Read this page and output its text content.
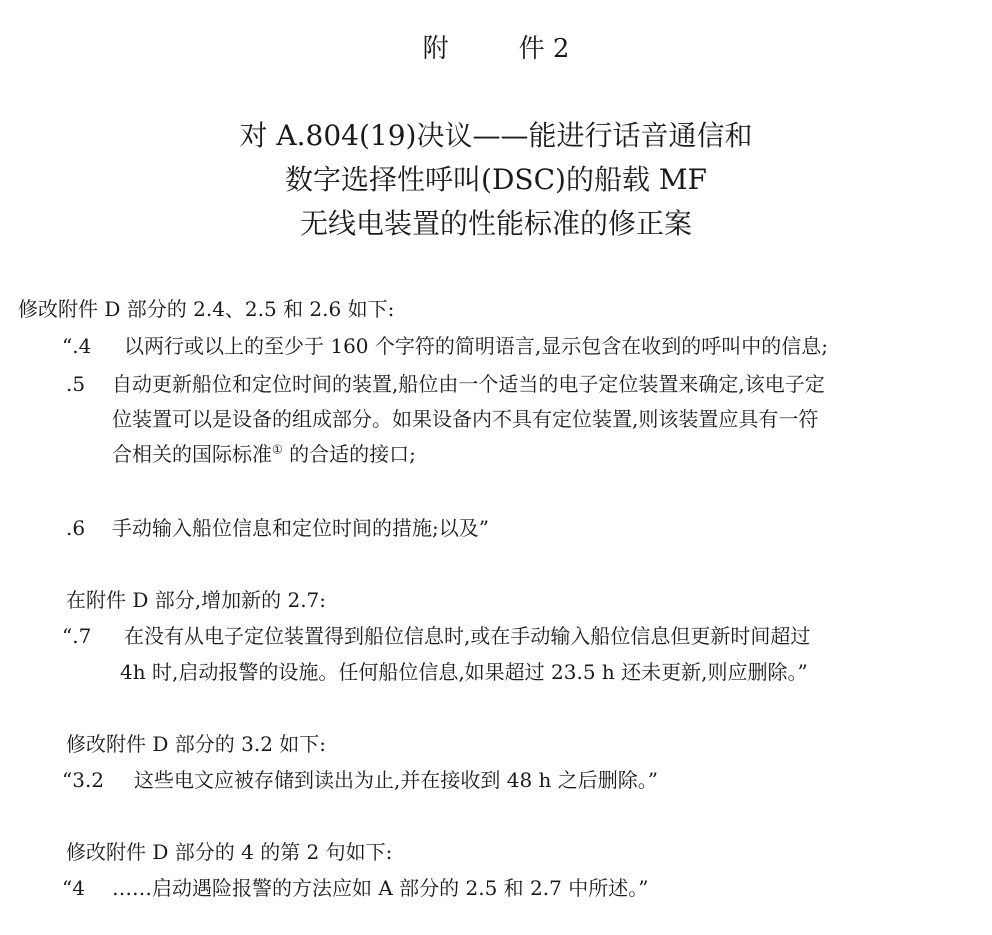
附	件 2
对 A.804(19)决议——能进行话音通信和
数字选择性呼叫(DSC)的船载 MF
无线电装置的性能标准的修正案
修改附件 D 部分的 2.4、2.5 和 2.6 如下:
“.4 以两行或以上的至少于 160 个字符的简明语言,显示包含在收到的呼叫中的信息;
.5 自动更新船位和定位时间的装置,船位由一个适当的电子定位装置来确定,该电子定
位装置可以是设备的组成部分。如果设备内不具有定位装置,则该装置应具有一符
合相关的国际标准① 的合适的接口;
.6 手动输入船位信息和定位时间的措施;以及”
在附件 D 部分,增加新的 2.7:
“.7 在没有从电子定位装置得到船位信息时,或在手动输入船位信息但更新时间超过
4h 时,启动报警的设施。任何船位信息,如果超过 23.5 h 还未更新,则应删除。”
修改附件 D 部分的 3.2 如下:
“3.2 这些电文应被存储到读出为止,并在接收到 48 h 之后删除。”
修改附件 D 部分的 4 的第 2 句如下:
“4 ……启动遇险报警的方法应如 A 部分的 2.5 和 2.7 中所述。”
